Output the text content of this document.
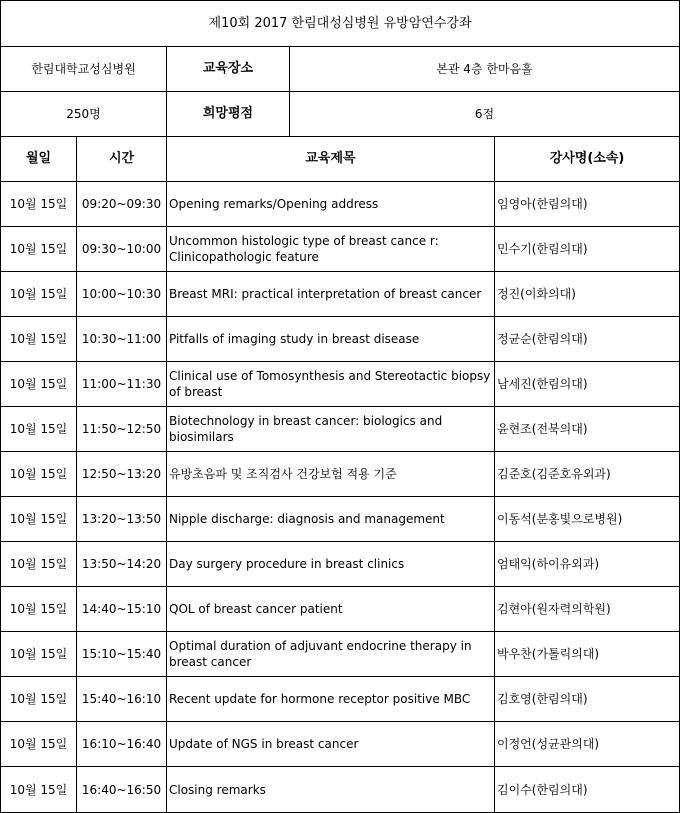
제10회 2017 한림대성심병원 유방암연수강좌				
한림대학교성심병원		교육장소	본관 4층 한마음홀	
250명		희망평점	6점	
월일	시간	교육제목		강사명(소속)
10월 15일	09:20~09:30	Opening remarks/Opening address		임영아(한림의대)
10월 15일	09:30~10:00	Uncommon histologic type of breast cance r: Clinicopathologic feature		민수기(한림의대)
10월 15일	10:00~10:30	Breast MRI: practical interpretation of breast cancer		정진(이화의대)
10월 15일	10:30~11:00	Pitfalls of imaging study in breast disease		정균순(한림의대)
10월 15일	11:00~11:30	Clinical use of Tomosynthesis and Stereotactic biopsy of breast		남세진(한림의대)
10월 15일	11:50~12:50	Biotechnology in breast cancer: biologics and biosimilars		윤현조(전북의대)
10월 15일	12:50~13:20	유방초음파 및 조직검사 건강보험 적용 기준		김준호(김준호유외과)
10월 15일	13:20~13:50	Nipple discharge: diagnosis and management		이동석(분홍빛으로병원)
10월 15일	13:50~14:20	Day surgery procedure in breast clinics		엄태익(하이유외과)
10월 15일	14:40~15:10	QOL of breast cancer patient		김현아(원자력의학원)
10월 15일	15:10~15:40	Optimal duration of adjuvant endocrine therapy in breast cancer		박우찬(가톨릭의대)
10월 15일	15:40~16:10	Recent update for hormone receptor positive MBC		김호영(한림의대)
10월 15일	16:10~16:40	Update of NGS in breast cancer		이정언(성균관의대)
10월 15일	16:40~16:50	Closing remarks		김이수(한림의대)
